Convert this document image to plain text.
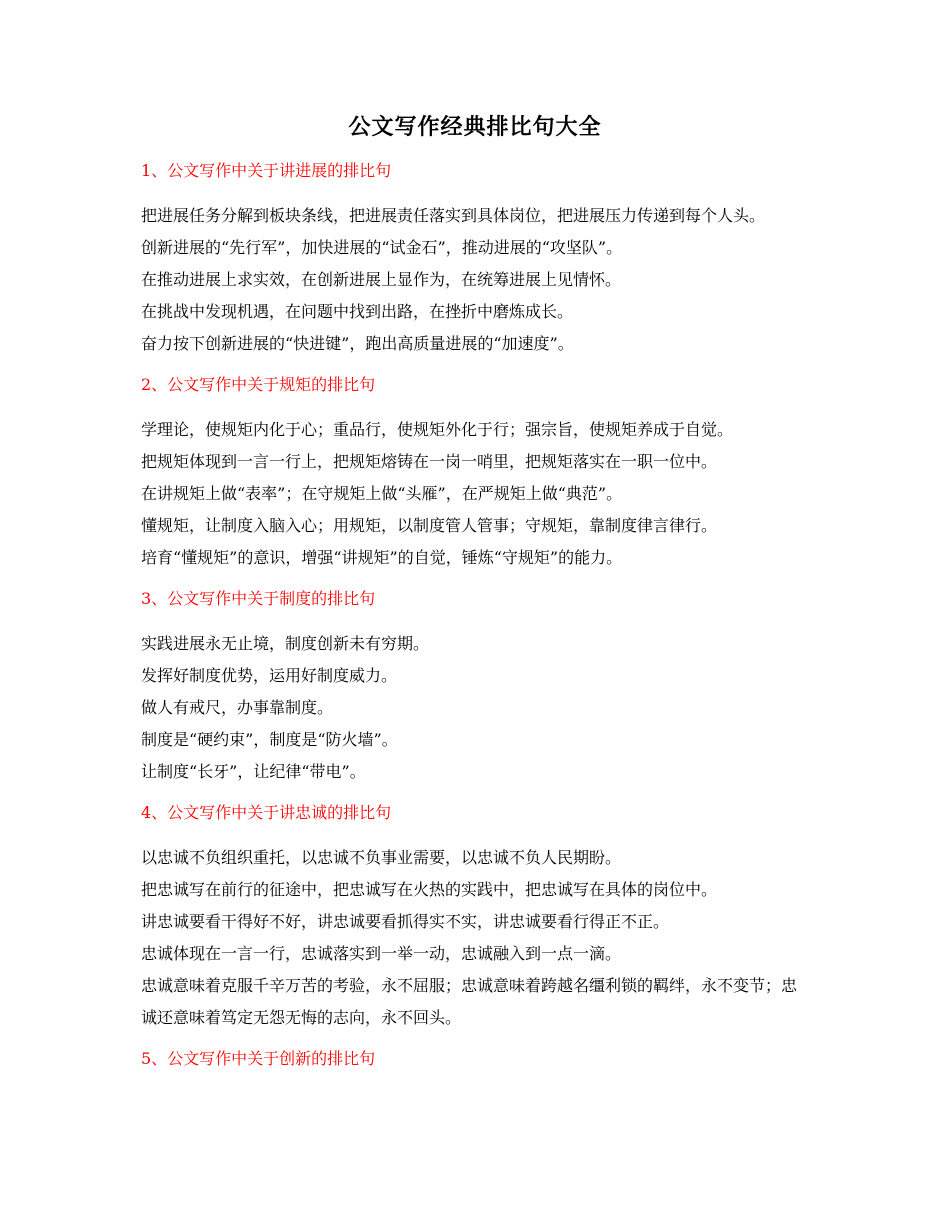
公文写作经典排比句大全

1、公文写作中关于讲进展的排比句

把进展任务分解到板块条线，把进展责任落实到具体岗位，把进展压力传递到每个人头。

创新进展的“先行军”，加快进展的“试金石”，推动进展的“攻坚队”。

在推动进展上求实效，在创新进展上显作为，在统筹进展上见情怀。

在挑战中发现机遇，在问题中找到出路，在挫折中磨炼成长。

奋力按下创新进展的“快进键”，跑出高质量进展的“加速度”。

2、公文写作中关于规矩的排比句

学理论，使规矩内化于心；重品行，使规矩外化于行；强宗旨，使规矩养成于自觉。

把规矩体现到一言一行上，把规矩熔铸在一岗一哨里，把规矩落实在一职一位中。

在讲规矩上做“表率”；在守规矩上做“头雁”，在严规矩上做“典范”。

懂规矩，让制度入脑入心；用规矩，以制度管人管事；守规矩，靠制度律言律行。

培育“懂规矩”的意识，增强“讲规矩”的自觉，锤炼“守规矩”的能力。

3、公文写作中关于制度的排比句

实践进展永无止境，制度创新未有穷期。

发挥好制度优势，运用好制度威力。

做人有戒尺，办事靠制度。

制度是“硬约束”，制度是“防火墙”。

让制度“长牙”，让纪律“带电”。

4、公文写作中关于讲忠诚的排比句

以忠诚不负组织重托，以忠诚不负事业需要，以忠诚不负人民期盼。

把忠诚写在前行的征途中，把忠诚写在火热的实践中，把忠诚写在具体的岗位中。

讲忠诚要看干得好不好，讲忠诚要看抓得实不实，讲忠诚要看行得正不正。

忠诚体现在一言一行，忠诚落实到一举一动，忠诚融入到一点一滴。

忠诚意味着克服千辛万苦的考验，永不屈服；忠诚意味着跨越名缰利锁的羁绊，永不变节；忠诚还意味着笃定无怨无悔的志向，永不回头。

5、公文写作中关于创新的排比句
